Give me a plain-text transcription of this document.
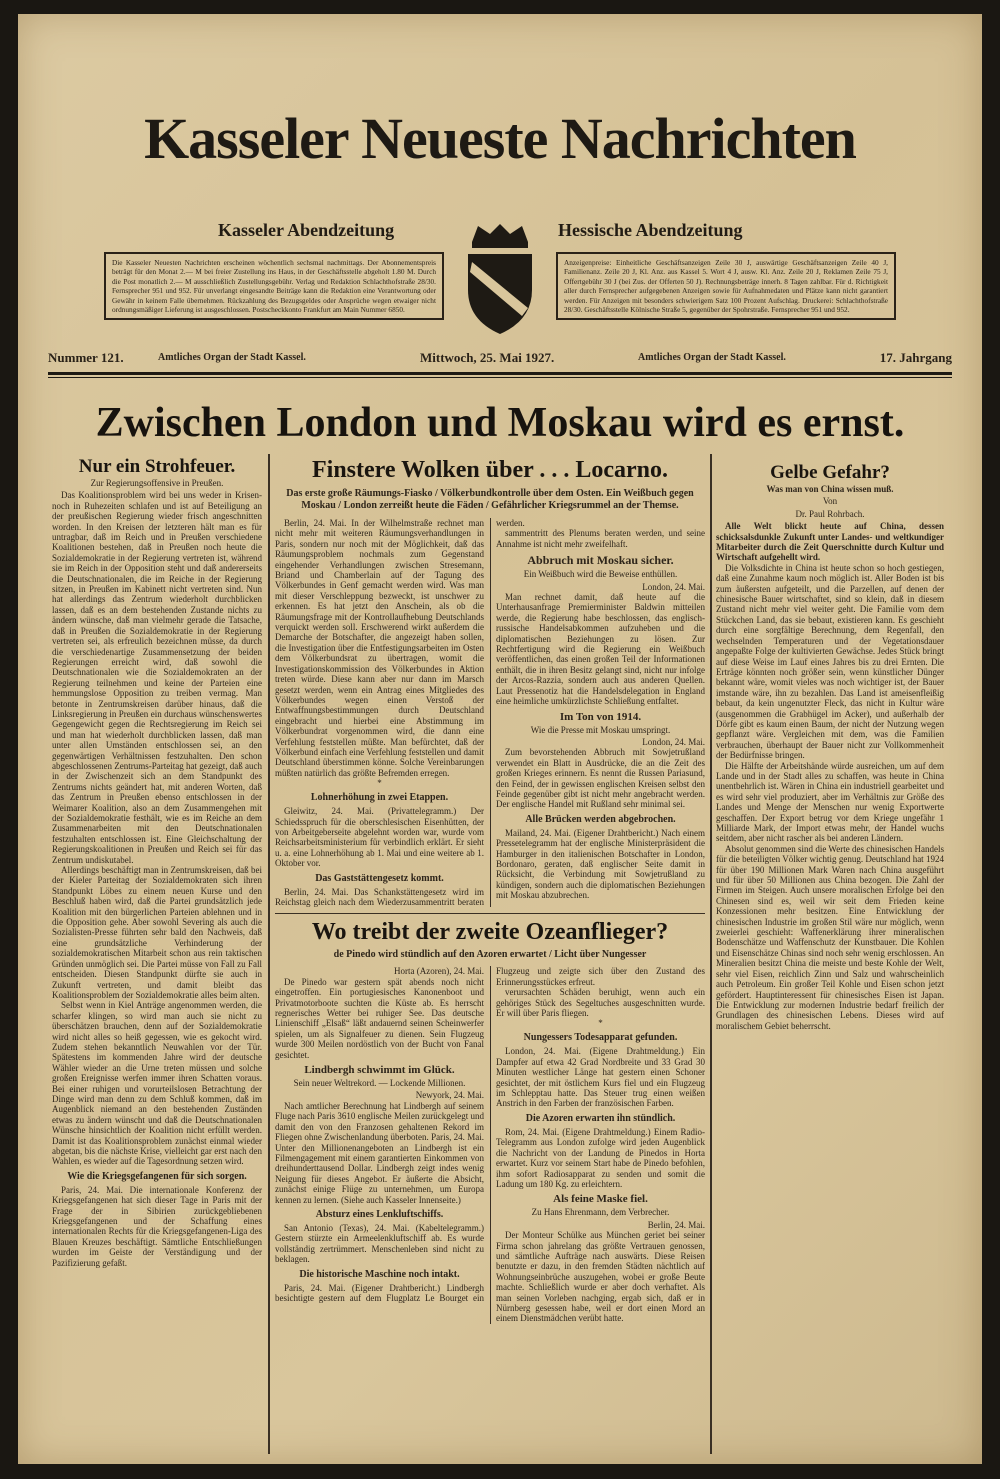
Kasseler Neueste Nachrichten
Kasseler Abendzeitung	Hessische Abendzeitung
Die Kasseler Neuesten Nachrichten erscheinen wöchentlich sechsmal nachmittags. Der Abonnementspreis beträgt für den Monat 2.— M bei freier Zustellung ins Haus, in der Geschäftsstelle abgeholt 1.80 M. Durch die Post monatlich 2.— M ausschließlich Zustellungsgebühr. Verlag und Redaktion Schlachthofstraße 28/30. Fernsprecher 951 und 952. Für unverlangt eingesandte Beiträge kann die Redaktion eine Verantwortung oder Gewähr in keinem Falle übernehmen. Rückzahlung des Bezugsgeldes oder Ansprüche wegen etwaiger nicht ordnungsmäßiger Lieferung ist ausgeschlossen. Postscheckkonto Frankfurt am Main Nummer 6850.
Anzeigenpreise: Einheitliche Geschäftsanzeigen Zeile 30 J, auswärtige Geschäftsanzeigen Zeile 40 J, Familienanz. Zeile 20 J, Kl. Anz. aus Kassel 5. Wort 4 J, ausw. Kl. Anz. Zeile 20 J, Reklamen Zeile 75 J, Offertgebühr 30 J (bei Zus. der Offerten 50 J). Rechnungsbeträge innerh. 8 Tagen zahlbar. Für d. Richtigkeit aller durch Fernsprecher aufgegebenen Anzeigen sowie für Aufnahmedaten und Plätze kann nicht garantiert werden. Für Anzeigen mit besonders schwierigem Satz 100 Prozent Aufschlag. Druckerei: Schlachthofstraße 28/30. Geschäftsstelle Kölnische Straße 5, gegenüber der Spohrstraße. Fernsprecher 951 und 952.
Nummer 121.	Amtliches Organ der Stadt Kassel.	Mittwoch, 25. Mai 1927.	Amtliches Organ der Stadt Kassel.	17. Jahrgang
Zwischen London und Moskau wird es ernst.
Nur ein Strohfeuer.
Zur Regierungsoffensive in Preußen.

Das Koalitionsproblem wird bei uns weder in Krisen- noch in Ruhezeiten schlafen und ist auf Beteiligung an der preußischen Regierung wieder frisch angeschnitten worden. In den Kreisen der letzteren hält man es für untragbar, daß im Reich und in Preußen verschiedene Koalitionen bestehen, daß in Preußen noch heute die Sozialdemokratie in der Regierung vertreten ist, während sie im Reich in der Opposition steht und daß andererseits die Deutschnationalen, die im Reiche in der Regierung sitzen, in Preußen im Kabinett nicht vertreten sind. Nun hat allerdings das Zentrum wiederholt durchblicken lassen, daß es an dem bestehenden Zustande nichts zu ändern wünsche, daß man vielmehr gerade die Tatsache, daß in Preußen die Sozialdemokratie in der Regierung vertreten sei, als erfreulich bezeichnen müsse, da durch die verschiedenartige Zusammensetzung der beiden Regierungen erreicht wird, daß sowohl die Deutschnationalen wie die Sozialdemokraten an der Regierung teilnehmen und keine der Parteien eine hemmungslose Opposition zu treiben vermag. Man betonte in Zentrumskreisen darüber hinaus, daß die Linksregierung in Preußen ein durchaus wünschenswertes Gegengewicht gegen die Rechtsregierung im Reich sei und man hat wiederholt durchblicken lassen, daß man unter allen Umständen entschlossen sei, an den gegenwärtigen Verhältnissen festzuhalten. Den schon abgeschlossenen Zentrums-Parteitag hat gezeigt, daß auch in der Zwischenzeit sich an dem Standpunkt des Zentrums nichts geändert hat, mit anderen Worten, daß das Zentrum in Preußen ebenso entschlossen in der Weimarer Koalition, also an dem Zusammengehen mit der Sozialdemokratie festhält, wie es im Reiche an dem Zusammenarbeiten mit den Deutschnationalen festzuhalten entschlossen ist. Eine Gleichschaltung der Regierungskoalitionen in Preußen und Reich sei für das Zentrum undiskutabel.

Allerdings beschäftigt man in Zentrumskreisen, daß bei der Kieler Parteitag der Sozialdemokraten sich ihren Standpunkt Löbes zu einem neuen Kurse und den Beschluß haben wird, daß die Partei grundsätzlich jede Koalition mit den bürgerlichen Parteien ablehnen und in die Opposition gehe. Aber sowohl Severing als auch die Sozialisten-Presse führten sehr bald den Nachweis, daß eine grundsätzliche Verhinderung der sozialdemokratischen Mitarbeit schon aus rein taktischen Gründen unmöglich sei. Die Partei müsse von Fall zu Fall entscheiden. Diesen Standpunkt dürfte sie auch in Zukunft vertreten, und damit bleibt das Koalitionsproblem der Sozialdemokratie alles beim alten.

Selbst wenn in Kiel Anträge angenommen werden, die scharfer klingen, so wird man auch sie nicht zu überschätzen brauchen, denn auf der Sozialdemokratie wird nicht alles so heiß gegessen, wie es gekocht wird. Zudem stehen bekanntlich Neuwahlen vor der Tür. Spätestens im kommenden Jahre wird der deutsche Wähler wieder an die Urne treten müssen und solche großen Ereignisse werfen immer ihren Schatten voraus. Bei einer ruhigen und vorurteilslosen Betrachtung der Dinge wird man denn zu dem Schluß kommen, daß im Augenblick niemand an den bestehenden Zuständen etwas zu ändern wünscht und daß die Deutschnationalen Wünsche hinsichtlich der Koalition nicht erfüllt werden. Damit ist das Koalitionsproblem zunächst einmal wieder abgetan, bis die nächste Krise, vielleicht gar erst nach den Wahlen, es wieder auf die Tagesordnung setzen wird.

Wie die Kriegsgefangenen für sich sorgen.

Paris, 24. Mai. Die internationale Konferenz der Kriegsgefangenen hat sich dieser Tage in Paris mit der Frage der in Sibirien zurückgebliebenen Kriegsgefangenen und der Schaffung eines internationalen Rechts für die Kriegsgefangenen-Liga des Blauen Kreuzes beschäftigt. Sämtliche Entschließungen wurden im Geiste der Verständigung und der Pazifizierung gefaßt.

Finstere Wolken über . . . Locarno.
Das erste große Räumungs-Fiasko / Völkerbundkontrolle über dem Osten. Ein Weißbuch gegen Moskau / London zerreißt heute die Fäden / Gefährlicher Kriegsrummel an der Themse.

Berlin, 24. Mai. In der Wilhelmstraße rechnet man nicht mehr mit weiteren Räumungsverhandlungen in Paris, sondern nur noch mit der Möglichkeit, daß das Räumungsproblem nochmals zum Gegenstand eingehender Verhandlungen zwischen Stresemann, Briand und Chamberlain auf der Tagung des Völkerbundes in Genf gemacht werden wird. Was man mit dieser Verschleppung bezweckt, ist unschwer zu erkennen. Es hat jetzt den Anschein, als ob die Räumungsfrage mit der Kontrollaufhebung Deutschlands verquickt werden soll. Erschwerend wirkt außerdem die Demarche der Botschafter, die angezeigt haben sollen, die Investigation über die Entfestigungsarbeiten im Osten dem Völkerbundsrat zu übertragen, womit die Investigationskommission des Völkerbundes in Aktion treten würde. Diese kann aber nur dann im Marsch gesetzt werden, wenn ein Antrag eines Mitgliedes des Völkerbundes wegen einen Verstoß der Entwaffnungsbestimmungen durch Deutschland eingebracht und hierbei eine Abstimmung im Völkerbundrat vorgenommen wird, die dann eine Verfehlung feststellen müßte. Man befürchtet, daß der Völkerbund einfach eine Verfehlung feststellen und damit Deutschland überstimmen könne. Solche Vereinbarungen müßten natürlich das größte Befremden erregen.

*
Lohnerhöhung in zwei Etappen.

Gleiwitz, 24. Mai. (Privattelegramm.) Der Schiedsspruch für die oberschlesischen Eisenhütten, der von Arbeitgeberseite abgelehnt worden war, wurde vom Reichsarbeitsministerium für verbindlich erklärt. Er sieht u. a. eine Lohnerhöhung ab 1. Mai und eine weitere ab 1. Oktober vor.

Das Gaststättengesetz kommt.

Berlin, 24. Mai. Das Schankstättengesetz wird im Reichstag gleich nach dem Wiederzusammentritt beraten werden.

sammentritt des Plenums beraten werden, und seine Annahme ist nicht mehr zweifelhaft.

Abbruch mit Moskau sicher.
Ein Weißbuch wird die Beweise enthüllen.
London, 24. Mai.

Man rechnet damit, daß heute auf die Unterhausanfrage Premierminister Baldwin mitteilen werde, die Regierung habe beschlossen, das englisch-russische Handelsabkommen aufzuheben und die diplomatischen Beziehungen zu lösen. Zur Rechtfertigung wird die Regierung ein Weißbuch veröffentlichen, das einen großen Teil der Informationen enthält, die in ihren Besitz gelangt sind, nicht nur infolge der Arcos-Razzia, sondern auch aus anderen Quellen. Laut Pressenotiz hat die Handelsdelegation in England eine heimliche umkürzlichste Schließung entfaltet.

Im Ton von 1914.
Wie die Presse mit Moskau umspringt.
London, 24. Mai.

Zum bevorstehenden Abbruch mit Sowjetrußland verwendet ein Blatt in Ausdrücke, die an die Zeit des großen Krieges erinnern. Es nennt die Russen Pariasund, den Feind, der in gewissen englischen Kreisen selbst den Feinde gegenüber gibt ist nicht mehr angebracht werden. Der englische Handel mit Rußland sehr minimal sei.

Alle Brücken werden abgebrochen.

Mailand, 24. Mai. (Eigener Drahtbericht.) Nach einem Pressetelegramm hat der englische Ministerpräsident die Hamburger in den italienischen Botschafter in London, Bordonaro, geraten, daß englischer Seite damit in Rücksicht, die Verbindung mit Sowjetrußland zu kündigen, sondern auch die diplomatischen Beziehungen mit Moskau abzubrechen.

Wo treibt der zweite Ozeanflieger?
de Pinedo wird stündlich auf den Azoren erwartet / Licht über Nungesser
Horta (Azoren), 24. Mai.

De Pinedo war gestern spät abends noch nicht eingetroffen. Ein portugiesisches Kanonenboot und Privatmotorboote suchten die Küste ab. Es herrscht regnerisches Wetter bei ruhiger See. Das deutsche Linienschiff „Elsaß“ läßt andauernd seinen Scheinwerfer spielen, um als Signalfeuer zu dienen. Sein Flugzeug wurde 300 Meilen nordöstlich von der Bucht von Fanal gesichtet.

Lindbergh schwimmt im Glück.
Sein neuer Weltrekord. — Lockende Millionen.
Newyork, 24. Mai.

Nach amtlicher Berechnung hat Lindbergh auf seinem Fluge nach Paris 3610 englische Meilen zurückgelegt und damit den von den Franzosen gehaltenen Rekord im Fliegen ohne Zwischenlandung überboten. Paris, 24. Mai. Unter den Millionenangeboten an Lindbergh ist ein Filmengagement mit einem garantierten Einkommen von dreihunderttausend Dollar. Lindbergh zeigt indes wenig Neigung für dieses Angebot. Er äußerte die Absicht, zunächst einige Flüge zu unternehmen, um Europa kennen zu lernen. (Siehe auch Kasseler Innenseite.)

Absturz eines Lenkluftschiffs.

San Antonio (Texas), 24. Mai. (Kabeltelegramm.) Gestern stürzte ein Armeelenkluftschiff ab. Es wurde vollständig zertrümmert. Menschenleben sind nicht zu beklagen.

Die historische Maschine noch intakt.

Paris, 24. Mai. (Eigener Drahtbericht.) Lindbergh besichtigte gestern auf dem Flugplatz Le Bourget ein Flugzeug und zeigte sich über den Zustand des Erinnerungsstückes erfreut.

verursachten Schäden beruhigt, wenn auch ein gehöriges Stück des Segeltuches ausgeschnitten wurde. Er will über Paris fliegen.

*
Nungessers Todesapparat gefunden.

London, 24. Mai. (Eigene Drahtmeldung.) Ein Dampfer auf etwa 42 Grad Nordbreite und 33 Grad 30 Minuten westlicher Länge hat gestern einen Schoner gesichtet, der mit östlichem Kurs fiel und ein Flugzeug im Schlepptau hatte. Das Steuer trug einen weißen Anstrich in den Farben der französischen Farben.

Die Azoren erwarten ihn stündlich.

Rom, 24. Mai. (Eigene Drahtmeldung.) Einem Radio-Telegramm aus London zufolge wird jeden Augenblick die Nachricht von der Landung de Pinedos in Horta erwartet. Kurz vor seinem Start habe de Pinedo befohlen, ihm sofort Radiosapparat zu senden und somit die Ladung um 180 Kg. zu erleichtern.

Als feine Maske fiel.
Zu Hans Ehrenmann, dem Verbrecher.
Berlin, 24. Mai.

Der Monteur Schülke aus München geriet bei seiner Firma schon jahrelang das größte Vertrauen genossen, und sämtliche Aufträge nach auswärts. Diese Reisen benutzte er dazu, in den fremden Städten nächtlich auf Wohnungseinbrüche auszugehen, wobei er große Beute machte. Schließlich wurde er aber doch verhaftet. Als man seinen Vorleben nachging, ergab sich, daß er in Nürnberg gesessen habe, weil er dort einen Mord an einem Dienstmädchen verübt hatte.

Gelbe Gefahr?
Was man von China wissen muß.
Von
Dr. Paul Rohrbach.

Alle Welt blickt heute auf China, dessen schicksalsdunkle Zukunft unter Landes- und weltkundiger Mitarbeiter durch die Zeit Querschnitte durch Kultur und Wirtschaft aufgehellt wird.

Die Volksdichte in China ist heute schon so hoch gestiegen, daß eine Zunahme kaum noch möglich ist. Aller Boden ist bis zum äußersten aufgeteilt, und die Parzellen, auf denen der chinesische Bauer wirtschaftet, sind so klein, daß in diesem Zustand nicht mehr viel weiter geht. Die Familie vom dem Stückchen Land, das sie bebaut, existieren kann. Es geschieht durch eine sorgfältige Berechnung, dem Regenfall, den wechselnden Temperaturen und der Vegetationsdauer angepaßte Folge der kultivierten Gewächse. Jedes Stück bringt auf diese Weise im Lauf eines Jahres bis zu drei Ernten. Die Erträge könnten noch größer sein, wenn künstlicher Dünger bekannt wäre, womit vieles was noch wichtiger ist, der Bauer imstande wäre, ihn zu bezahlen. Das Land ist ameisenfleißig bebaut, da kein ungenutzter Fleck, das nicht in Kultur wäre (ausgenommen die Grabhügel im Acker), und außerhalb der Dörfe gibt es kaum einen Baum, der nicht der Nutzung wegen gepflanzt wäre. Vergleichen mit dem, was die Familien verbrauchen, überhaupt der Bauer nicht zur Vollkommenheit der Bedürfnisse bringen.

Die Hälfte der Arbeitshände würde ausreichen, um auf dem Lande und in der Stadt alles zu schaffen, was heute in China unentbehrlich ist. Wären in China ein industriell gearbeitet und es wird sehr viel produziert, aber im Verhältnis zur Größe des Landes und Menge der Menschen nur wenig Exportwerte geschaffen. Der Export betrug vor dem Kriege ungefähr 1 Milliarde Mark, der Import etwas mehr, der Handel wuchs seitdem, aber nicht rascher als bei anderen Ländern.

Absolut genommen sind die Werte des chinesischen Handels für die beteiligten Völker wichtig genug. Deutschland hat 1924 für über 190 Millionen Mark Waren nach China ausgeführt und für über 50 Millionen aus China bezogen. Die Zahl der Firmen im Steigen. Auch unsere moralischen Erfolge bei den Chinesen sind es, weil wir seit dem Frieden keine Konzessionen mehr besitzen. Eine Entwicklung der chinesischen Industrie im großen Stil wäre nur möglich, wenn zweierlei geschieht: Waffenerklärung ihrer mineralischen Bodenschätze und Waffenschutz der Kunstbauer. Die Kohlen und Eisenschätze Chinas sind noch sehr wenig erschlossen. An Mineralien besitzt China die meiste und beste Kohle der Welt, sehr viel Eisen, reichlich Zinn und Salz und wahrscheinlich auch Petroleum. Ein großer Teil Kohle und Eisen schon jetzt gefördert. Hauptinteressent für chinesisches Eisen ist Japan. Die Entwicklung zur modernen Industrie bedarf freilich der Grundlagen des chinesischen Lebens. Dieses wird auf moralischem Gebiet beherrscht.
